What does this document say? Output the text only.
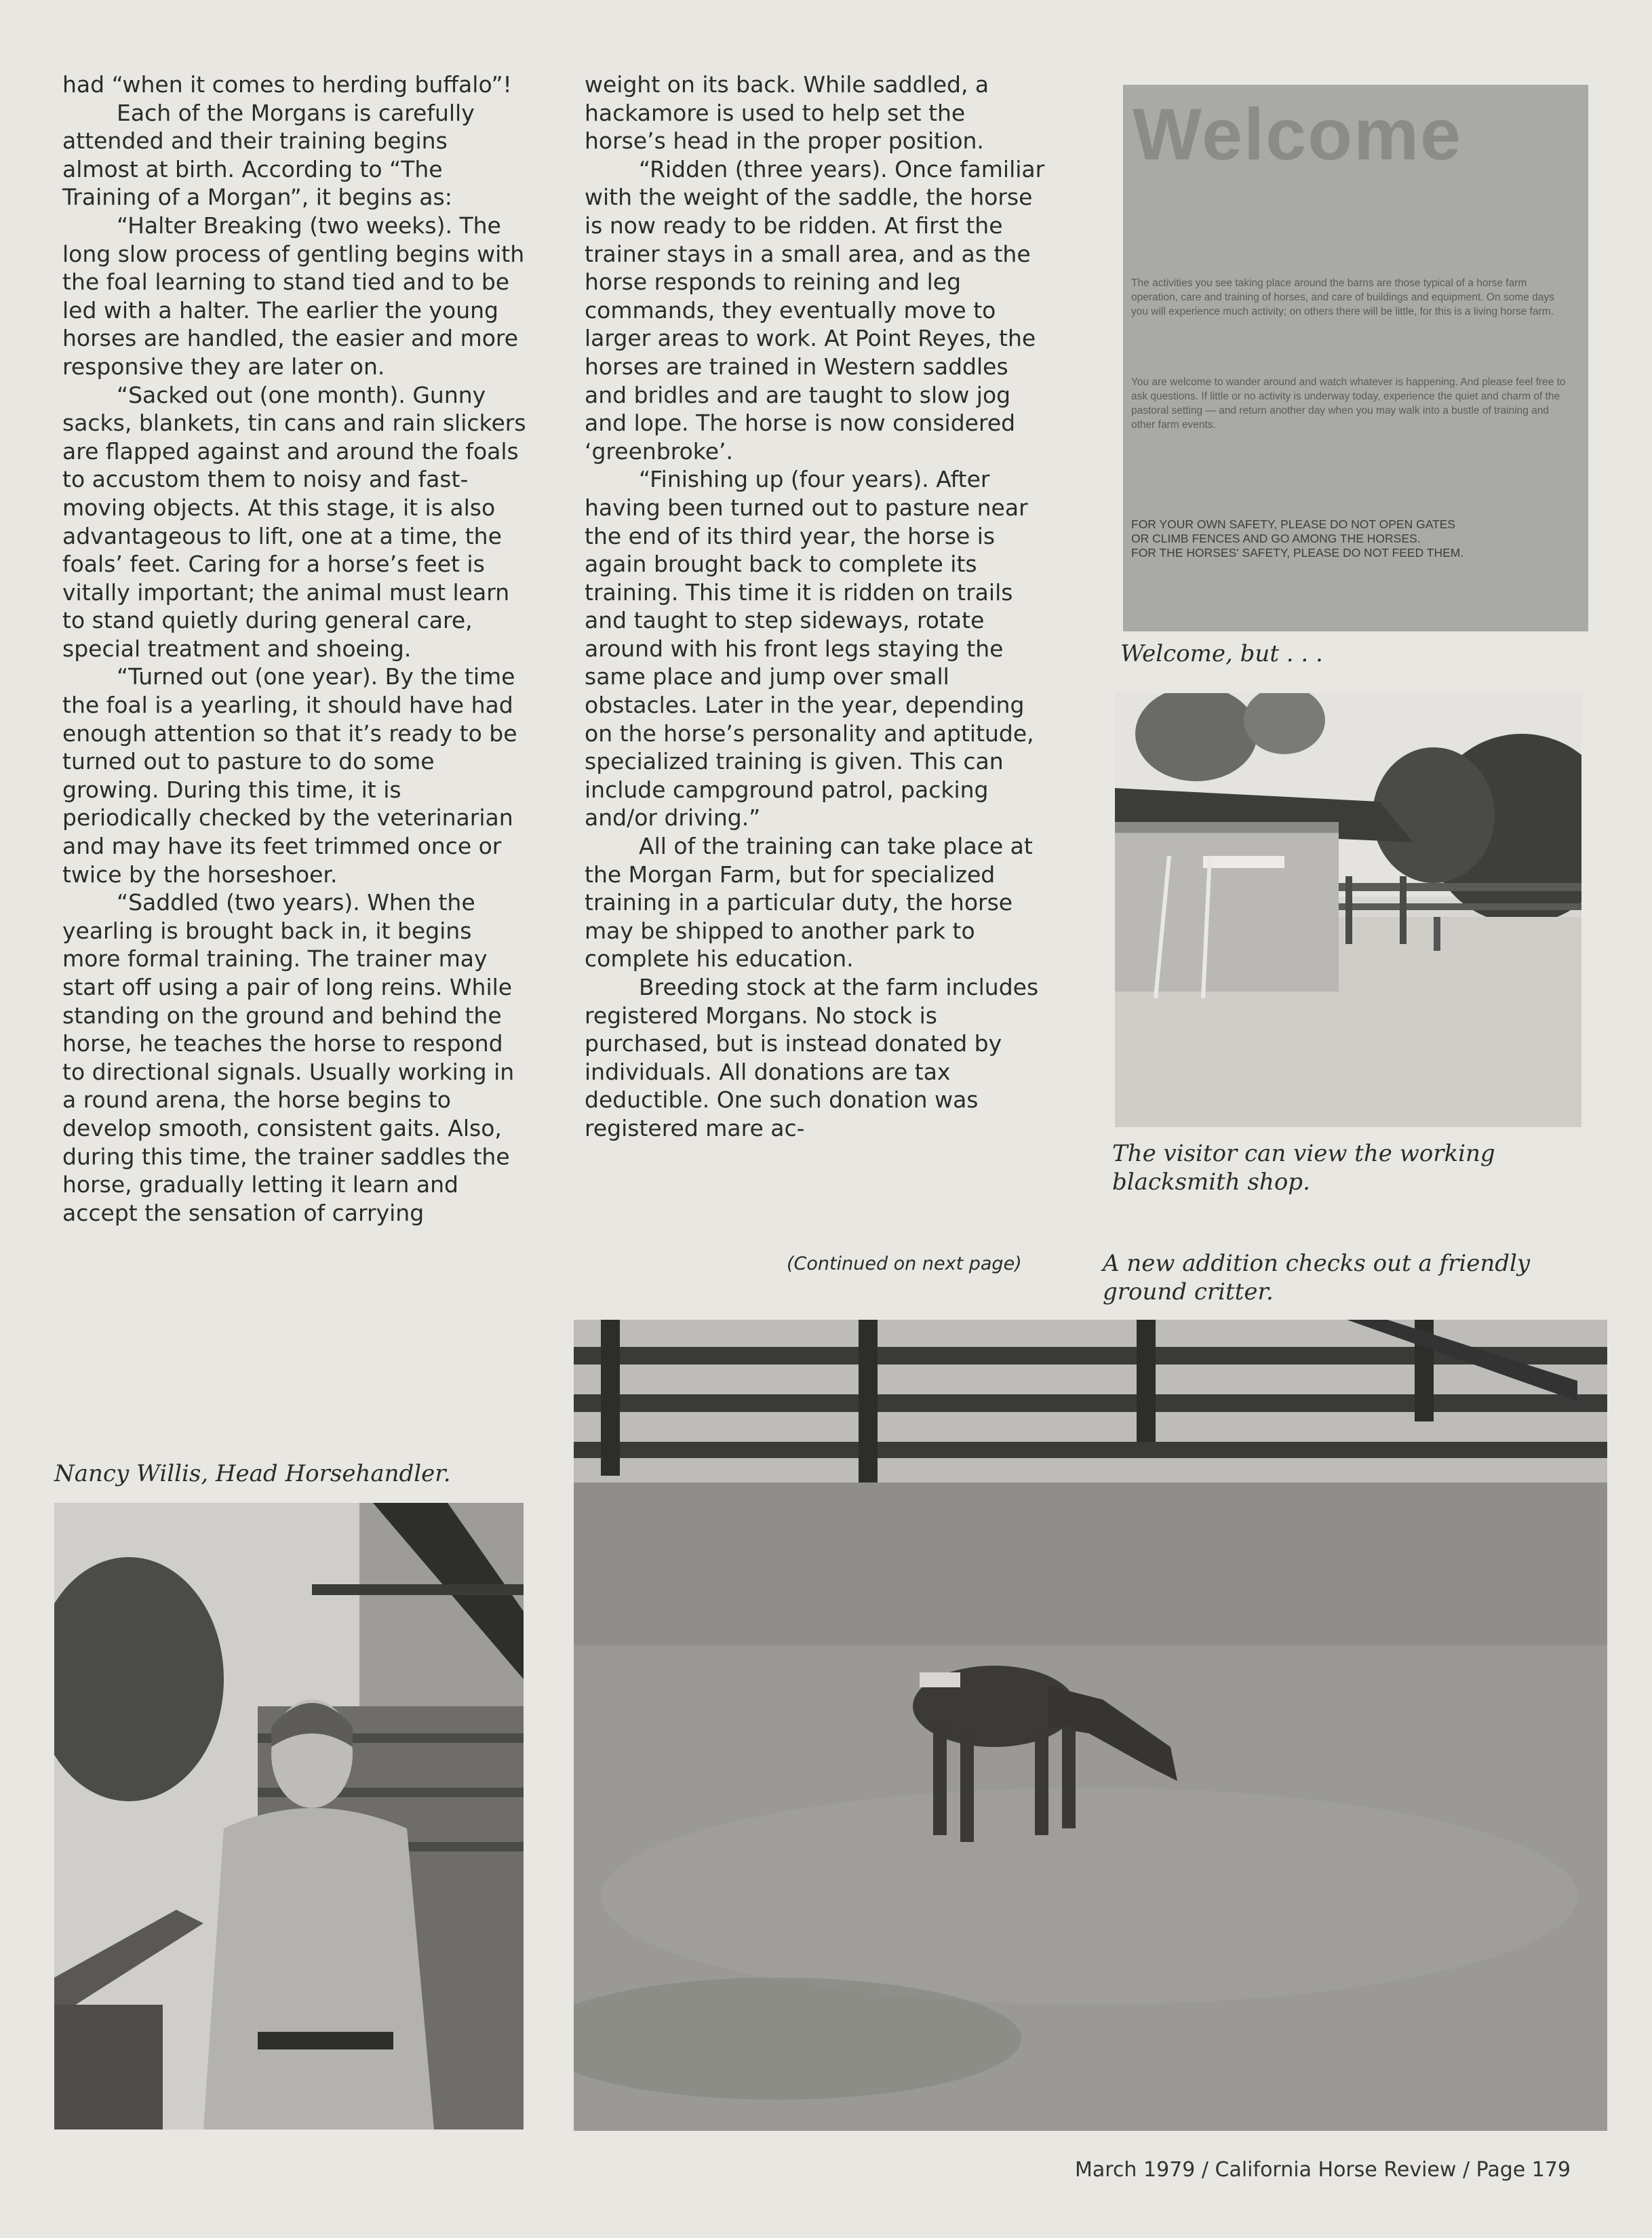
had “when it comes to herding buffalo”!

Each of the Morgans is carefully attended and their training begins almost at birth. According to “The Training of a Morgan”, it begins as:

“Halter Breaking (two weeks). The long slow process of gentling begins with the foal learning to stand tied and to be led with a halter. The earlier the young horses are handled, the easier and more responsive they are later on.

“Sacked out (one month). Gunny sacks, blankets, tin cans and rain slickers are flapped against and around the foals to accustom them to noisy and fast-moving objects. At this stage, it is also advantageous to lift, one at a time, the foals’ feet. Caring for a horse’s feet is vitally important; the animal must learn to stand quietly during general care, special treatment and shoeing.

“Turned out (one year). By the time the foal is a yearling, it should have had enough attention so that it’s ready to be turned out to pasture to do some growing. During this time, it is periodically checked by the veterinarian and may have its feet trimmed once or twice by the horseshoer.

“Saddled (two years). When the yearling is brought back in, it begins more formal training. The trainer may start off using a pair of long reins. While standing on the ground and behind the horse, he teaches the horse to respond to directional signals. Usually working in a round arena, the horse begins to develop smooth, consistent gaits. Also, during this time, the trainer saddles the horse, gradually letting it learn and accept the sensation of carrying

weight on its back. While saddled, a hackamore is used to help set the horse’s head in the proper position.

“Ridden (three years). Once familiar with the weight of the saddle, the horse is now ready to be ridden. At first the trainer stays in a small area, and as the horse responds to reining and leg commands, they eventually move to larger areas to work. At Point Reyes, the horses are trained in Western saddles and bridles and are taught to slow jog and lope. The horse is now considered ‘greenbroke’.

“Finishing up (four years). After having been turned out to pasture near the end of its third year, the horse is again brought back to complete its training. This time it is ridden on trails and taught to step sideways, rotate around with his front legs staying the same place and jump over small obstacles. Later in the year, depending on the horse’s personality and aptitude, specialized training is given. This can include campground patrol, packing and/or driving.”

All of the training can take place at the Morgan Farm, but for specialized training in a particular duty, the horse may be shipped to another park to complete his education.

Breeding stock at the farm includes registered Morgans. No stock is purchased, but is instead donated by individuals. All donations are tax deductible. One such donation was registered mare ac-

(Continued on next page)
Welcome
The activities you see taking place around the barns are those typical of a horse farm operation, care and training of horses, and care of buildings and equipment. On some days you will experience much activity; on others there will be little, for this is a living horse farm.
You are welcome to wander around and watch whatever is happening. And please feel free to ask questions. If little or no activity is underway today, experience the quiet and charm of the pastoral setting — and return another day when you may walk into a bustle of training and other farm events.
FOR YOUR OWN SAFETY, PLEASE DO NOT OPEN GATES
OR CLIMB FENCES AND GO AMONG THE HORSES.
FOR THE HORSES' SAFETY, PLEASE DO NOT FEED THEM.
Welcome, but . . .
The visitor can view the working blacksmith shop.
A new addition checks out a friendly ground critter.
Nancy Willis, Head Horsehandler.
March 1979 / California Horse Review / Page 179
